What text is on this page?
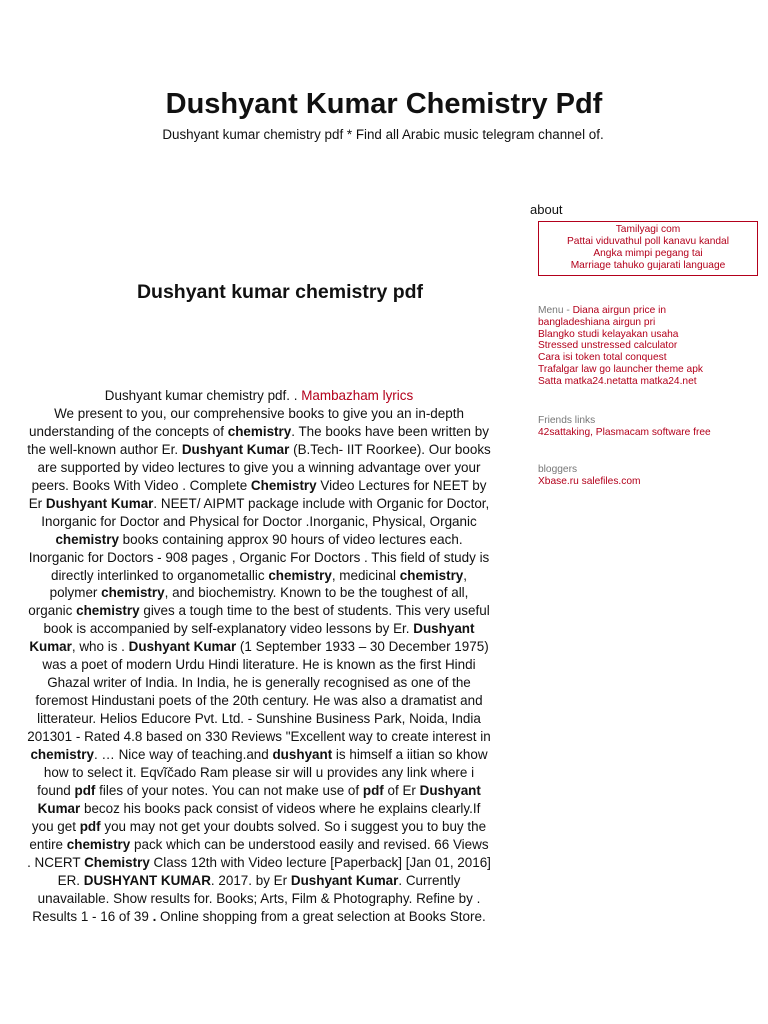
Dushyant Kumar Chemistry Pdf
Dushyant kumar chemistry pdf * Find all Arabic music telegram channel of.
about
Tamilyagi com
Pattai viduvathul poll kanavu kandal
Angka mimpi pegang tai
Marriage tahuko gujarati language
Menu - Diana airgun price in
bangladeshiana airgun pri
Blangko studi kelayakan usaha
Stressed unstressed calculator
Cara isi token total conquest
Trafalgar law go launcher theme apk
Satta matka24.netatta matka24.net
Friends links
42sattaking, Plasmacam software free
bloggers
Xbase.ru salefiles.com
Dushyant kumar chemistry pdf
Dushyant kumar chemistry pdf. . Mambazham lyrics
We present to you, our comprehensive books to give you an in-depth understanding of the concepts of chemistry. The books have been written by the well-known author Er. Dushyant Kumar (B.Tech- IIT Roorkee). Our books are supported by video lectures to give you a winning advantage over your peers. Books With Video . Complete Chemistry Video Lectures for NEET by Er Dushyant Kumar. NEET/ AIPMT package include with Organic for Doctor, Inorganic for Doctor and Physical for Doctor .Inorganic, Physical, Organic chemistry books containing approx 90 hours of video lectures each. Inorganic for Doctors - 908 pages , Organic For Doctors . This field of study is directly interlinked to organometallic chemistry, medicinal chemistry, polymer chemistry, and biochemistry. Known to be the toughest of all, organic chemistry gives a tough time to the best of students. This very useful book is accompanied by self-explanatory video lessons by Er. Dushyant Kumar, who is . Dushyant Kumar (1 September 1933 – 30 December 1975) was a poet of modern Urdu Hindi literature. He is known as the first Hindi Ghazal writer of India. In India, he is generally recognised as one of the foremost Hindustani poets of the 20th century. He was also a dramatist and litterateur. Helios Educore Pvt. Ltd. - Sunshine Business Park, Noida, India 201301 - Rated 4.8 based on 330 Reviews "Excellent way to create interest in chemistry. … Nice way of teaching.and dushyant is himself a iitian so khow how to select it. Eqvĩčado Ram please sir will u provides any link where i found pdf files of your notes. You can not make use of pdf of Er Dushyant Kumar becoz his books pack consist of videos where he explains clearly.If you get pdf you may not get your doubts solved. So i suggest you to buy the entire chemistry pack which can be understood easily and revised. 66 Views . NCERT Chemistry Class 12th with Video lecture [Paperback] [Jan 01, 2016] ER. DUSHYANT KUMAR. 2017. by Er Dushyant Kumar. Currently unavailable. Show results for. Books; Arts, Film & Photography. Refine by . Results 1 - 16 of 39 . Online shopping from a great selection at Books Store.
